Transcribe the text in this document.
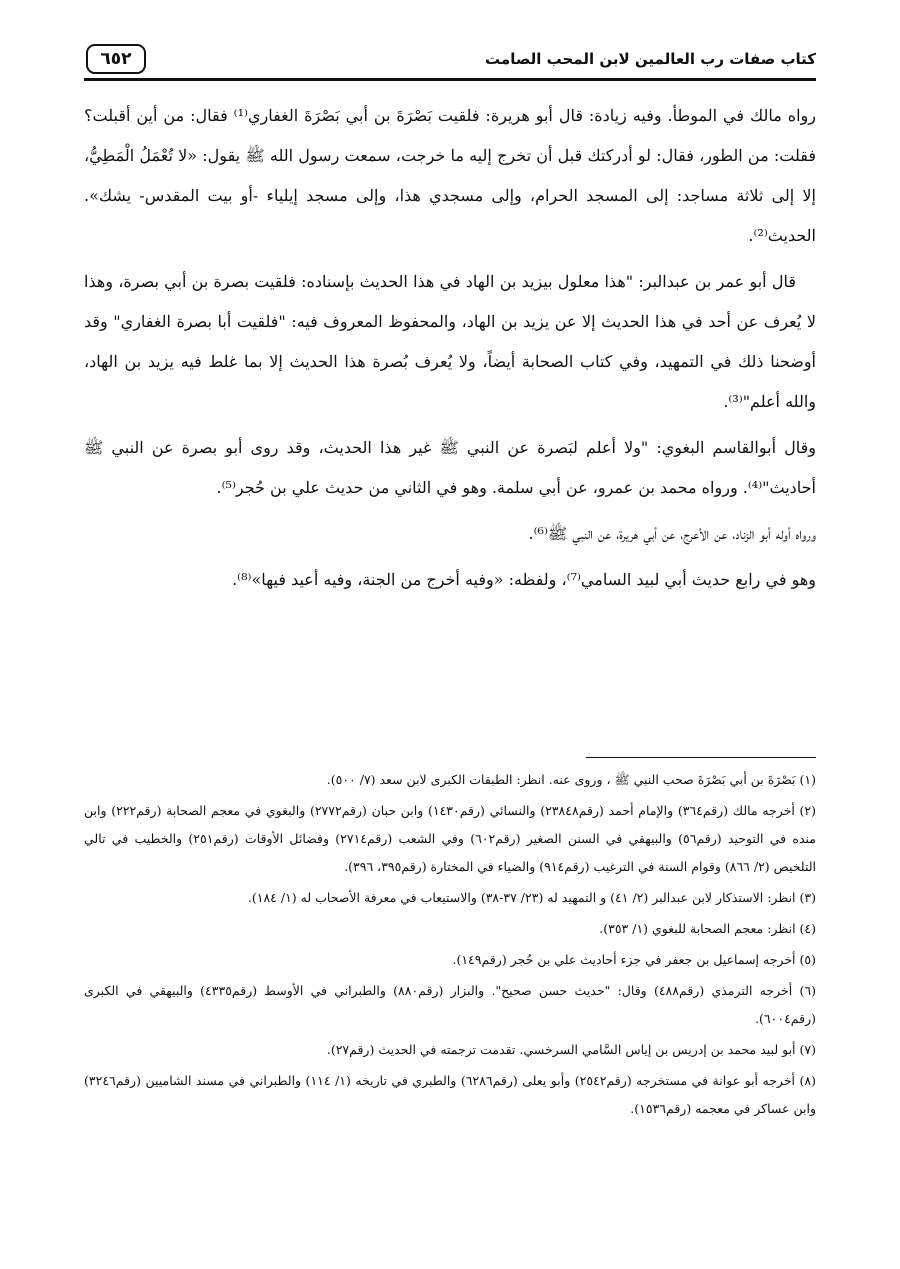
كتاب صفات رب العالمين لابن المحب الصامت
٦٥٢

رواه مالك في الموطأ. وفيه زيادة: قال أبو هريرة: فلقيت بَصْرَةَ بن أبي بَصْرَةَ الغفاري⁽¹⁾ فقال: من أين أقبلت؟ فقلت: من الطور، فقال: لو أدركتك قبل أن تخرج إليه ما خرجت، سمعت رسول الله ﷺ يقول: «لا تُعْمَلُ الْمَطِيُّ، إلا إلى ثلاثة مساجد: إلى المسجد الحرام، وإلى مسجدي هذا، وإلى مسجد إيلياء -أو بيت المقدس- يشك». الحديث⁽²⁾.

قال أبو عمر بن عبدالبر: "هذا معلول بيزيد بن الهاد في هذا الحديث بإسناده: فلقيت بصرة بن أبي بصرة، وهذا لا يُعرف عن أحد في هذا الحديث إلا عن يزيد بن الهاد، والمحفوظ المعروف فيه: "فلقيت أبا بصرة الغفاري" وقد أوضحنا ذلك في التمهيد، وفي كتاب الصحابة أيضاً، ولا يُعرف بُصرة هذا الحديث إلا بما غلط فيه يزيد بن الهاد، والله أعلم"⁽³⁾.

وقال أبوالقاسم البغوي: "ولا أعلم لبَصرة عن النبي ﷺ غير هذا الحديث، وقد روى أبو بصرة عن النبي ﷺ أحاديث"⁽⁴⁾. ورواه محمد بن عمرو، عن أبي سلمة. وهو في الثاني من حديث علي بن حُجر⁽⁵⁾.

ورواه أوله أبو الزناد، عن الأعرج، عن أبي هريرة، عن النبي ﷺ⁽⁶⁾.

وهو في رابع حديث أبي لبيد السامي⁽⁷⁾، ولفظه: «وفيه أخرج من الجنة، وفيه أعيد فيها»⁽⁸⁾.

(١) بَصْرَةَ بن أبي بَصْرَةَ صحب النبي ﷺ ، وروى عنه. انظر: الطبقات الكبرى لابن سعد (٧/ ٥٠٠).

(٢) أخرجه مالك (رقم٣٦٤) والإمام أحمد (رقم٢٣٨٤٨) والنسائي (رقم١٤٣٠) وابن حبان (رقم٢٧٧٢) والبغوي في معجم الصحابة (رقم٢٢٢) وابن منده في التوحيد (رقم٥٦) والبيهقي في السنن الصغير (رقم٦٠٢) وفي الشعب (رقم٢٧١٤) وفضائل الأوقات (رقم٢٥١) والخطيب في تالي التلخيص (٢/ ٨٦٦) وقوام السنة في الترغيب (رقم٩١٤) والضياء في المختارة (رقم٣٩٥، ٣٩٦).

(٣) انظر: الاستذكار لابن عبدالبر (٢/ ٤١) و التمهيد له (٢٣/ ٣٧-٣٨) والاستيعاب في معرفة الأصحاب له (١/ ١٨٤).

(٤) انظر: معجم الصحابة للبغوي (١/ ٣٥٣).

(٥) أخرجه إسماعيل بن جعفر في جزء أحاديث علي بن حُجر (رقم١٤٩).

(٦) أخرجه الترمذي (رقم٤٨٨) وقال: "حديث حسن صحيح". والبزار (رقم٨٨٠) والطبراني في الأوسط (رقم٤٣٣٥) والبيهقي في الكبرى (رقم٦٠٠٤).

(٧) أبو لبيد محمد بن إدريس بن إياس السَّامي السرخسي. تقدمت ترجمته في الحديث (رقم٢٧).

(٨) أخرجه أبو عوانة في مستخرجه (رقم٢٥٤٢) وأبو يعلى (رقم٦٢٨٦) والطبري في تاريخه (١/ ١١٤) والطبراني في مسند الشاميين (رقم٣٢٤٦) وابن عساكر في معجمه (رقم١٥٣٦).
